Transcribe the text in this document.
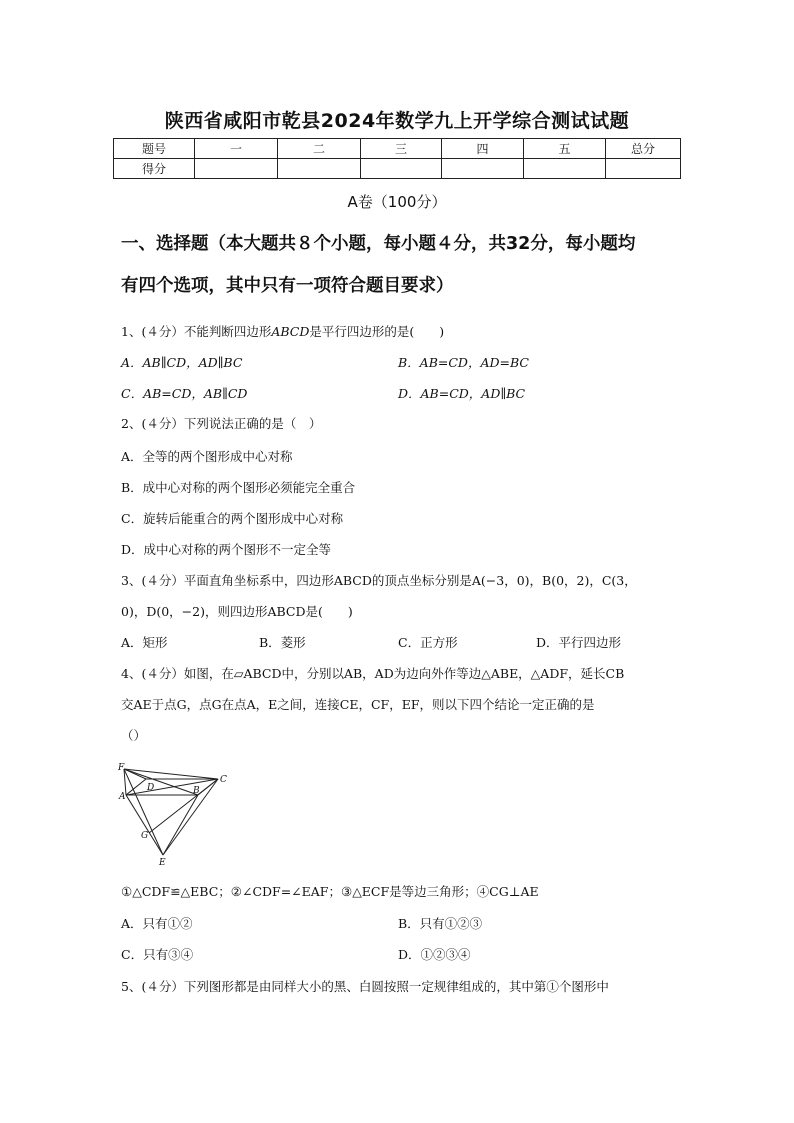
陕西省咸阳市乾县2024年数学九上开学综合测试试题
题号	一	二	三	四	五	总分
得分						
A卷（100分）
一、选择题（本大题共８个小题，每小题４分，共32分，每小题均
有四个选项，其中只有一项符合题目要求）
1、(４分）不能判断四边形ABCD是平行四边形的是(　　)
A．AB∥CD，AD∥BC	B．AB=CD，AD=BC
C．AB=CD，AB∥CD	D．AB=CD，AD∥BC
2、(４分）下列说法正确的是（　）
A．全等的两个图形成中心对称
B．成中心对称的两个图形必须能完全重合
C．旋转后能重合的两个图形成中心对称
D．成中心对称的两个图形不一定全等
3、(４分）平面直角坐标系中，四边形ABCD的顶点坐标分别是A(−3，0)，B(0，2)，C(3，
0)，D(0，−2)，则四边形ABCD是(　　)
A．矩形	B．菱形	C．正方形	D．平行四边形
4、(４分）如图，在▱ABCD中，分别以AB，AD为边向外作等边△ABE，△ADF，延长CB
交AE于点G，点G在点A，E之间，连接CE，CF，EF，则以下四个结论一定正确的是
（）
F
C
D	B
A
G
E
①△CDF≌△EBC；②∠CDF=∠EAF；③△ECF是等边三角形；④CG⊥AE
A．只有①②	B．只有①②③
C．只有③④	D．①②③④
5、(４分）下列图形都是由同样大小的黑、白圆按照一定规律组成的，其中第①个图形中
